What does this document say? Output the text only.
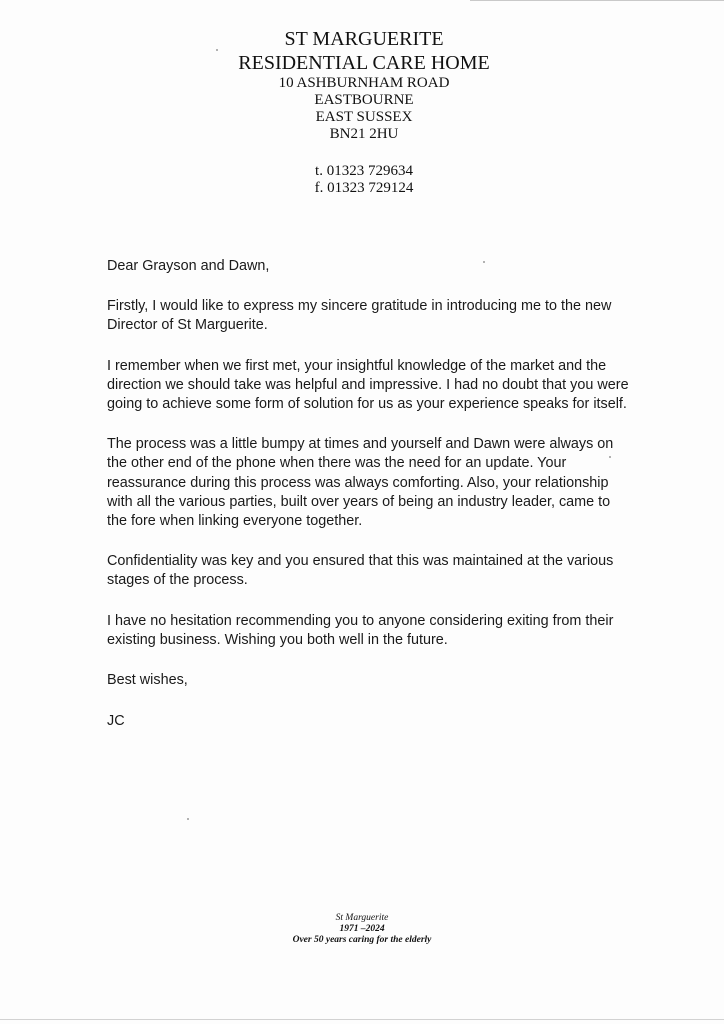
ST MARGUERITE
RESIDENTIAL CARE HOME
10 ASHBURNHAM ROAD
EASTBOURNE
EAST SUSSEX
BN21 2HU
t. 01323 729634
f. 01323 729124

Dear Grayson and Dawn,

Firstly, I would like to express my sincere gratitude in introducing me to the new Director of St Marguerite.

I remember when we first met, your insightful knowledge of the market and the direction we should take was helpful and impressive. I had no doubt that you were going to achieve some form of solution for us as your experience speaks for itself.

The process was a little bumpy at times and yourself and Dawn were always on the other end of the phone when there was the need for an update. Your reassurance during this process was always comforting. Also, your relationship with all the various parties, built over years of being an industry leader, came to the fore when linking everyone together.

Confidentiality was key and you ensured that this was maintained at the various stages of the process.

I have no hesitation recommending you to anyone considering exiting from their existing business. Wishing you both well in the future.

Best wishes,

JC

St Marguerite
1971 –2024
Over 50 years caring for the elderly
